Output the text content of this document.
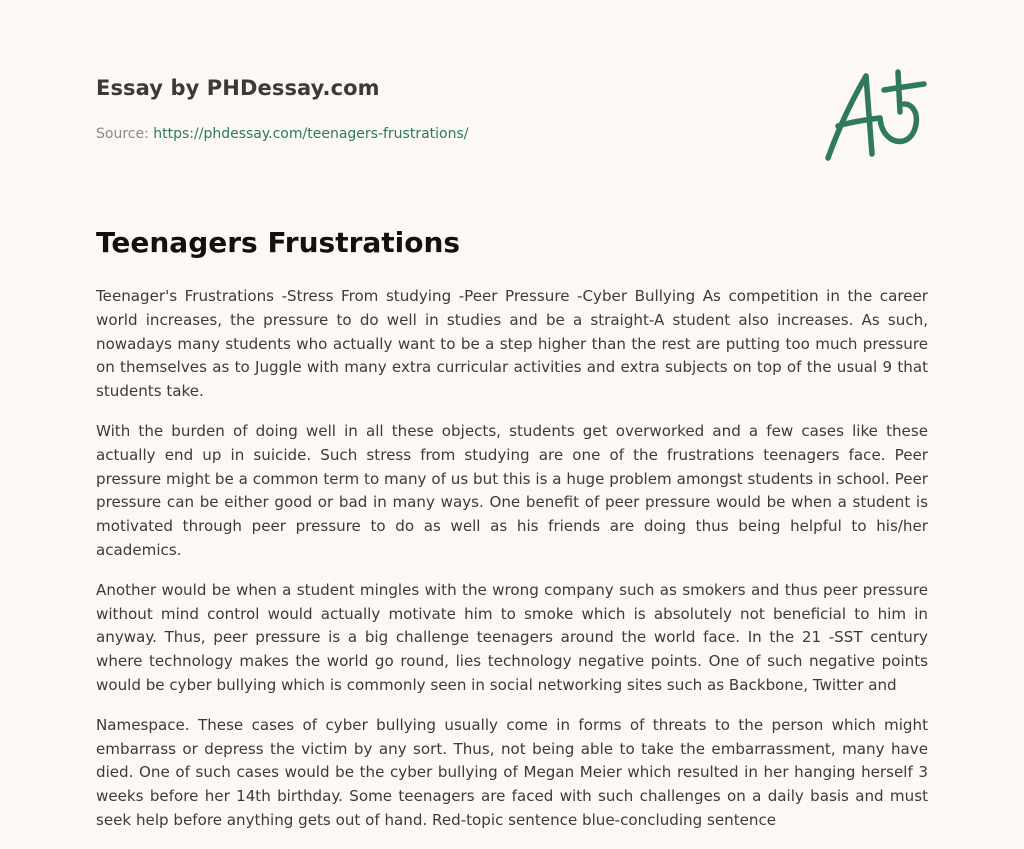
Essay by PHDessay.com
Source: https://phdessay.com/teenagers-frustrations/
Teenagers Frustrations

Teenager's Frustrations -Stress From studying -Peer Pressure -Cyber Bullying As competition in the career world increases, the pressure to do well in studies and be a straight-A student also increases. As such, nowadays many students who actually want to be a step higher than the rest are putting too much pressure on themselves as to Juggle with many extra curricular activities and extra subjects on top of the usual 9 that students take.

With the burden of doing well in all these objects, students get overworked and a few cases like these actually end up in suicide. Such stress from studying are one of the frustrations teenagers face. Peer pressure might be a common term to many of us but this is a huge problem amongst students in school. Peer pressure can be either good or bad in many ways. One benefit of peer pressure would be when a student is motivated through peer pressure to do as well as his friends are doing thus being helpful to his/her academics.

Another would be when a student mingles with the wrong company such as smokers and thus peer pressure without mind control would actually motivate him to smoke which is absolutely not beneficial to him in anyway. Thus, peer pressure is a big challenge teenagers around the world face. In the 21 -SST century where technology makes the world go round, lies technology negative points. One of such negative points would be cyber bullying which is commonly seen in social networking sites such as Backbone, Twitter and

Namespace. These cases of cyber bullying usually come in forms of threats to the person which might embarrass or depress the victim by any sort. Thus, not being able to take the embarrassment, many have died. One of such cases would be the cyber bullying of Megan Meier which resulted in her hanging herself 3 weeks before her 14th birthday. Some teenagers are faced with such challenges on a daily basis and must seek help before anything gets out of hand. Red-topic sentence blue-concluding sentence
